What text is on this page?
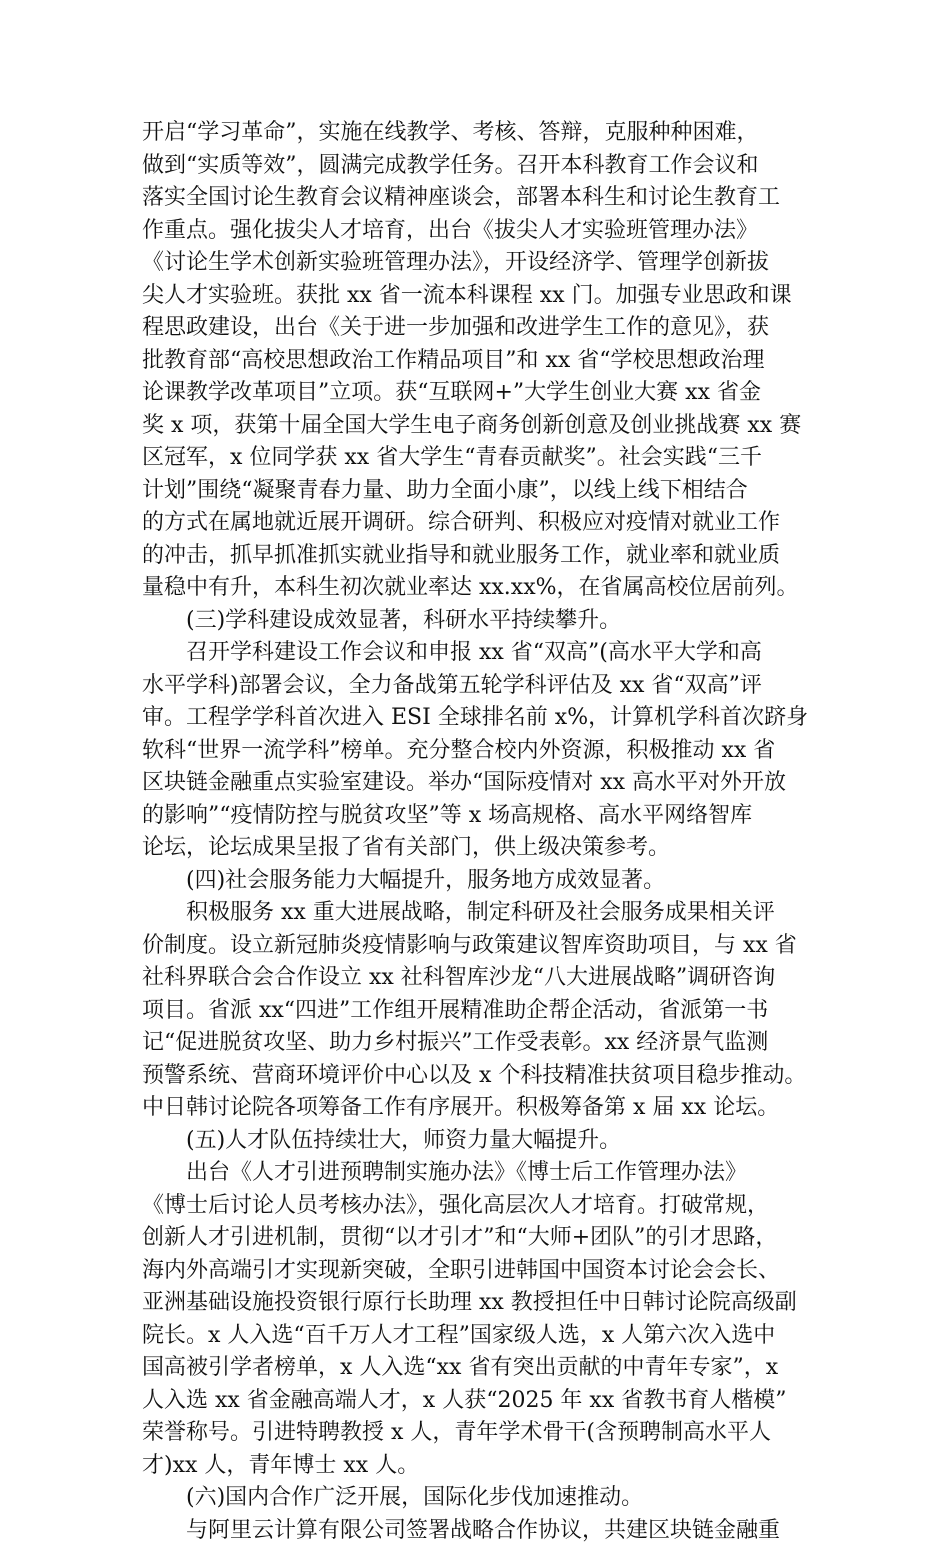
开启“学习革命”，实施在线教学、考核、答辩，克服种种困难，
做到“实质等效”，圆满完成教学任务。召开本科教育工作会议和
落实全国讨论生教育会议精神座谈会，部署本科生和讨论生教育工
作重点。强化拔尖人才培育，出台《拔尖人才实验班管理办法》
《讨论生学术创新实验班管理办法》，开设经济学、管理学创新拔
尖人才实验班。获批 xx 省一流本科课程 xx 门。加强专业思政和课
程思政建设，出台《关于进一步加强和改进学生工作的意见》，获
批教育部“高校思想政治工作精品项目”和 xx 省“学校思想政治理
论课教学改革项目”立项。获“互联网+”大学生创业大赛 xx 省金
奖 x 项，获第十届全国大学生电子商务创新创意及创业挑战赛 xx 赛
区冠军，x 位同学获 xx 省大学生“青春贡献奖”。社会实践“三千
计划”围绕“凝聚青春力量、助力全面小康”，以线上线下相结合
的方式在属地就近展开调研。综合研判、积极应对疫情对就业工作
的冲击，抓早抓准抓实就业指导和就业服务工作，就业率和就业质
量稳中有升，本科生初次就业率达 xx.xx%，在省属高校位居前列。
(三)学科建设成效显著，科研水平持续攀升。
召开学科建设工作会议和申报 xx 省“双高”(高水平大学和高
水平学科)部署会议，全力备战第五轮学科评估及 xx 省“双高”评
审。工程学学科首次进入 ESI 全球排名前 x%，计算机学科首次跻身
软科“世界一流学科”榜单。充分整合校内外资源，积极推动 xx 省
区块链金融重点实验室建设。举办“国际疫情对 xx 高水平对外开放
的影响”“疫情防控与脱贫攻坚”等 x 场高规格、高水平网络智库
论坛，论坛成果呈报了省有关部门，供上级决策参考。
(四)社会服务能力大幅提升，服务地方成效显著。
积极服务 xx 重大进展战略，制定科研及社会服务成果相关评
价制度。设立新冠肺炎疫情影响与政策建议智库资助项目，与 xx 省
社科界联合会合作设立 xx 社科智库沙龙“八大进展战略”调研咨询
项目。省派 xx“四进”工作组开展精准助企帮企活动，省派第一书
记“促进脱贫攻坚、助力乡村振兴”工作受表彰。xx 经济景气监测
预警系统、营商环境评价中心以及 x 个科技精准扶贫项目稳步推动。
中日韩讨论院各项筹备工作有序展开。积极筹备第 x 届 xx 论坛。
(五)人才队伍持续壮大，师资力量大幅提升。
出台《人才引进预聘制实施办法》《博士后工作管理办法》
《博士后讨论人员考核办法》，强化高层次人才培育。打破常规，
创新人才引进机制，贯彻“以才引才”和“大师+团队”的引才思路，
海内外高端引才实现新突破，全职引进韩国中国资本讨论会会长、
亚洲基础设施投资银行原行长助理 xx 教授担任中日韩讨论院高级副
院长。x 人入选“百千万人才工程”国家级人选，x 人第六次入选中
国高被引学者榜单，x 人入选“xx 省有突出贡献的中青年专家”，x
人入选 xx 省金融高端人才，x 人获“2025 年 xx 省教书育人楷模”
荣誉称号。引进特聘教授 x 人，青年学术骨干(含预聘制高水平人
才)xx 人，青年博士 xx 人。
(六)国内合作广泛开展，国际化步伐加速推动。
与阿里云计算有限公司签署战略合作协议，共建区块链金融重
